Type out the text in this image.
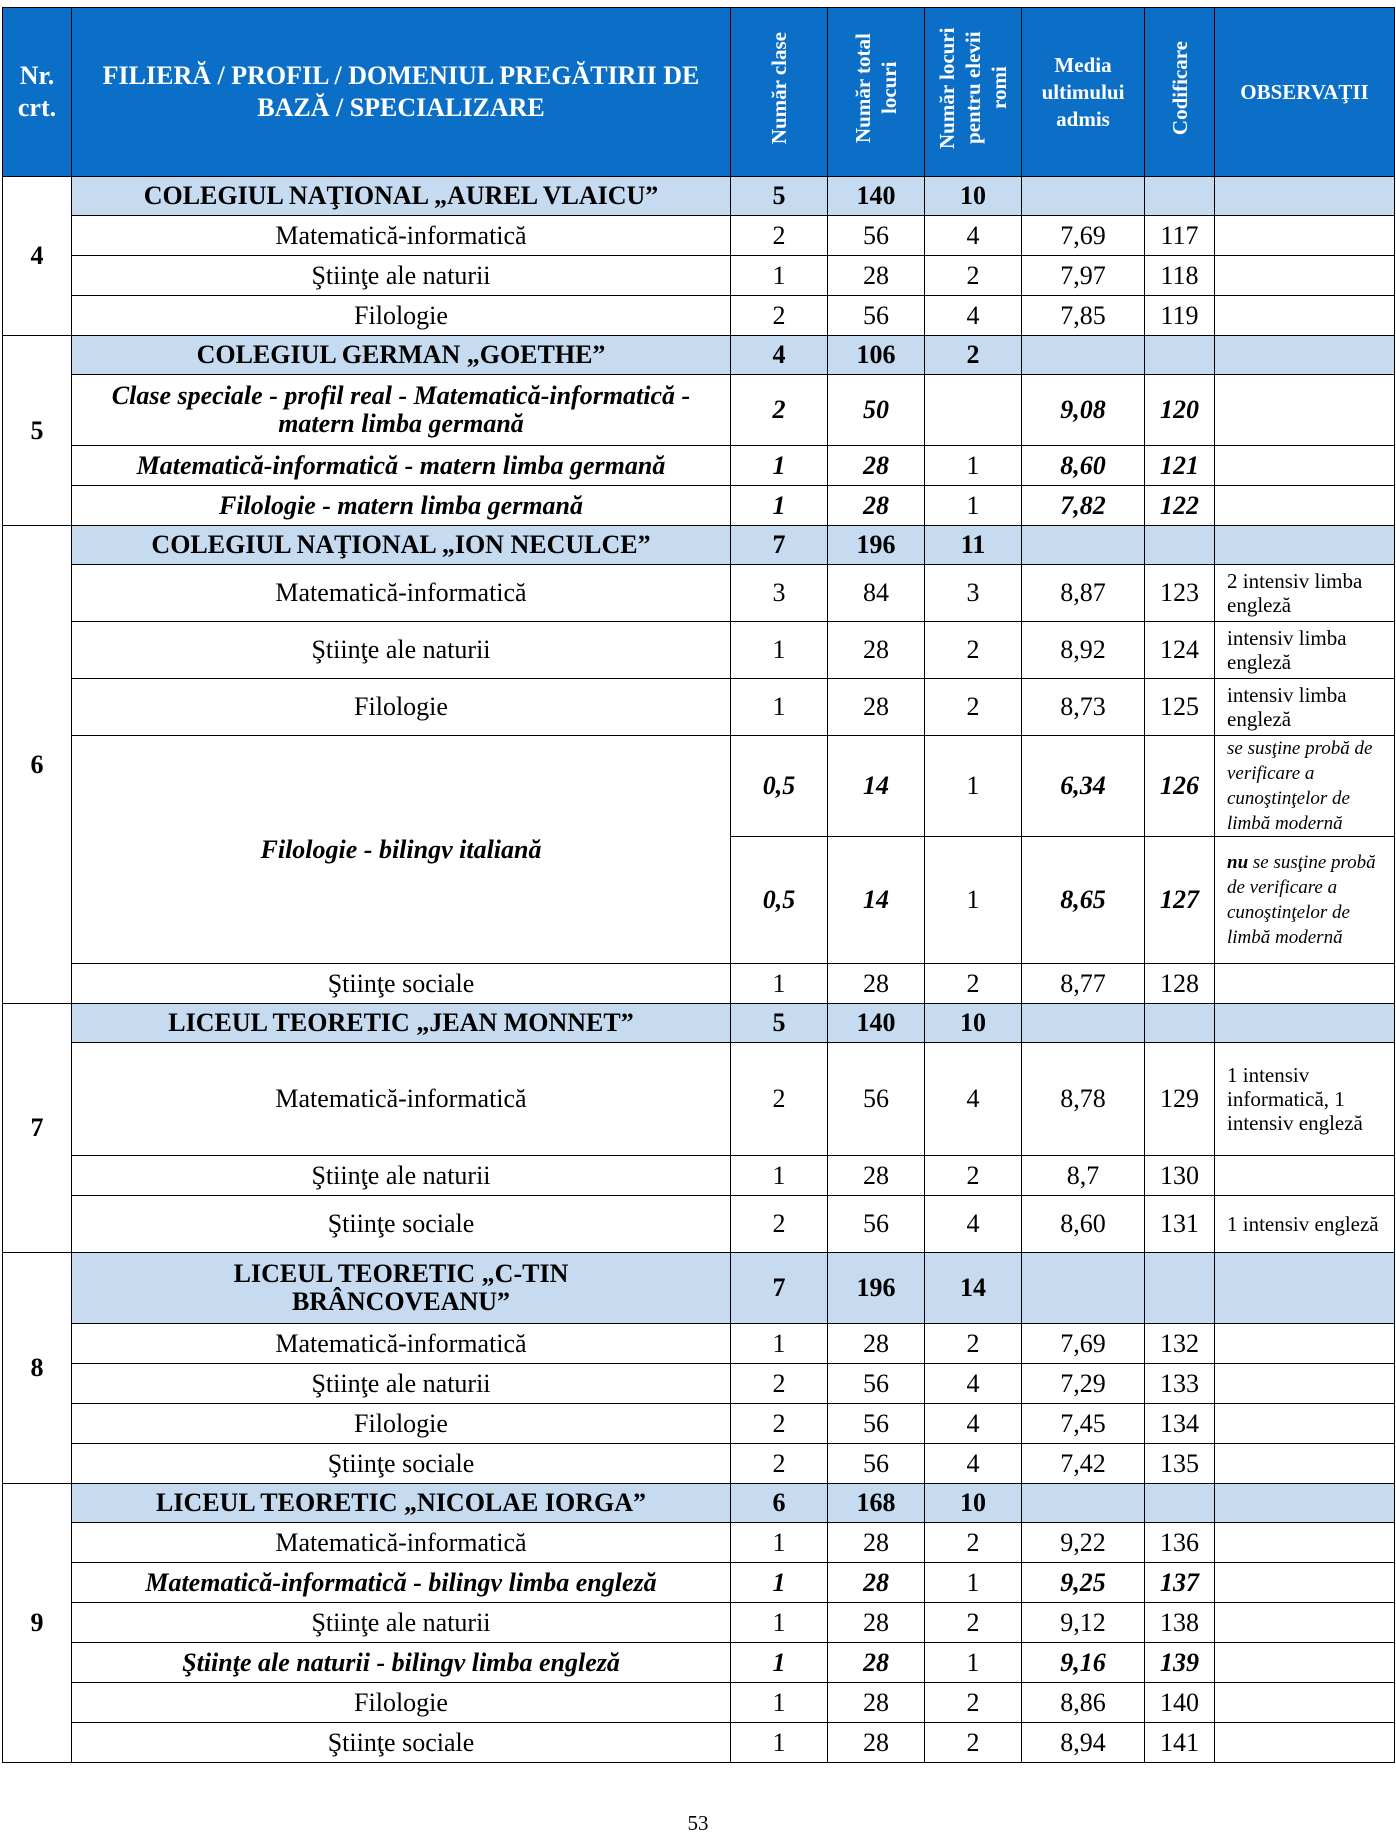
Nr. crt.	FILIERĂ / PROFIL / DOMENIUL PREGĂTIRII DE BAZĂ / SPECIALIZARE	Număr clase	Număr total locuri	Număr locuri pentru elevii romi	Media ultimului admis	Codificare	OBSERVAŢII
4	COLEGIUL NAŢIONAL „AUREL VLAICU”	5	140	10			
	Matematică-informatică	2	56	4	7,69	117	
	Ştiinţe ale naturii	1	28	2	7,97	118	
	Filologie	2	56	4	7,85	119	
5	COLEGIUL GERMAN „GOETHE”	4	106	2			
	Clase speciale - profil real - Matematică-informatică - matern limba germană	2	50		9,08	120	
	Matematică-informatică - matern limba germană	1	28	1	8,60	121	
	Filologie - matern limba germană	1	28	1	7,82	122	
6	COLEGIUL NAŢIONAL „ION NECULCE”	7	196	11			
	Matematică-informatică	3	84	3	8,87	123	2 intensiv limba engleză
	Ştiinţe ale naturii	1	28	2	8,92	124	intensiv limba engleză
	Filologie	1	28	2	8,73	125	intensiv limba engleză
	Filologie - bilingv italiană	0,5	14	1	6,34	126	se susţine probă de verificare a cunoştinţelor de limbă modernă
		0,5	14	1	8,65	127	nu se susţine probă de verificare a cunoştinţelor de limbă modernă
	Ştiinţe sociale	1	28	2	8,77	128	
7	LICEUL TEORETIC „JEAN MONNET”	5	140	10			
	Matematică-informatică	2	56	4	8,78	129	1 intensiv informatică, 1 intensiv engleză
	Ştiinţe ale naturii	1	28	2	8,7	130	
	Ştiinţe sociale	2	56	4	8,60	131	1 intensiv engleză
8	LICEUL TEORETIC „C-TIN BRÂNCOVEANU”	7	196	14			
	Matematică-informatică	1	28	2	7,69	132	
	Ştiinţe ale naturii	2	56	4	7,29	133	
	Filologie	2	56	4	7,45	134	
	Ştiinţe sociale	2	56	4	7,42	135	
9	LICEUL TEORETIC „NICOLAE IORGA”	6	168	10			
	Matematică-informatică	1	28	2	9,22	136	
	Matematică-informatică - bilingv limba engleză	1	28	1	9,25	137	
	Ştiinţe ale naturii	1	28	2	9,12	138	
	Ştiinţe ale naturii - bilingv limba engleză	1	28	1	9,16	139	
	Filologie	1	28	2	8,86	140	
	Ştiinţe sociale	1	28	2	8,94	141	
53
